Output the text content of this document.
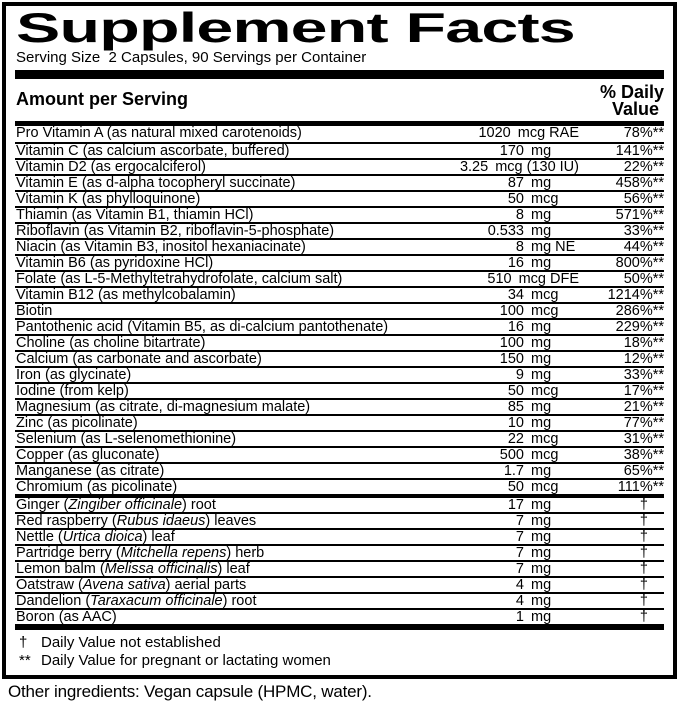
Supplement Facts
Serving Size  2 Capsules, 90 Servings per Container
Amount per Serving	% Daily
Value
Pro Vitamin A (as natural mixed carotenoids)	1020 mcg RAE	78%**
Vitamin C (as calcium ascorbate, buffered)	170 mg	141%**
Vitamin D2 (as ergocalciferol)	3.25 mcg (130 IU)	22%**
Vitamin E (as d-alpha tocopheryl succinate)	87 mg	458%**
Vitamin K (as phylloquinone)	50 mcg	56%**
Thiamin (as Vitamin B1, thiamin HCl)	8 mg	571%**
Riboflavin (as Vitamin B2, riboflavin-5-phosphate)	0.533 mg	33%**
Niacin (as Vitamin B3, inositol hexaniacinate)	8 mg NE	44%**
Vitamin B6 (as pyridoxine HCl)	16 mg	800%**
Folate (as L-5-Methyltetrahydrofolate, calcium salt)	510 mcg DFE	50%**
Vitamin B12 (as methylcobalamin)	34 mcg	1214%**
Biotin	100 mcg	286%**
Pantothenic acid (Vitamin B5, as di-calcium pantothenate)	16 mg	229%**
Choline (as choline bitartrate)	100 mg	18%**
Calcium (as carbonate and ascorbate)	150 mg	12%**
Iron (as glycinate)	9 mg	33%**
Iodine (from kelp)	50 mcg	17%**
Magnesium (as citrate, di-magnesium malate)	85 mg	21%**
Zinc (as picolinate)	10 mg	77%**
Selenium (as L-selenomethionine)	22 mcg	31%**
Copper (as gluconate)	500 mcg	38%**
Manganese (as citrate)	1.7 mg	65%**
Chromium (as picolinate)	50 mcg	111%**
Ginger (Zingiber officinale) root	17 mg	†
Red raspberry (Rubus idaeus) leaves	7 mg	†
Nettle (Urtica dioica) leaf	7 mg	†
Partridge berry (Mitchella repens) herb	7 mg	†
Lemon balm (Melissa officinalis) leaf	7 mg	†
Oatstraw (Avena sativa) aerial parts	4 mg	†
Dandelion (Taraxacum officinale) root	4 mg	†
Boron (as AAC)	1 mg	†
† Daily Value not established
** Daily Value for pregnant or lactating women
Other ingredients: Vegan capsule (HPMC, water).
